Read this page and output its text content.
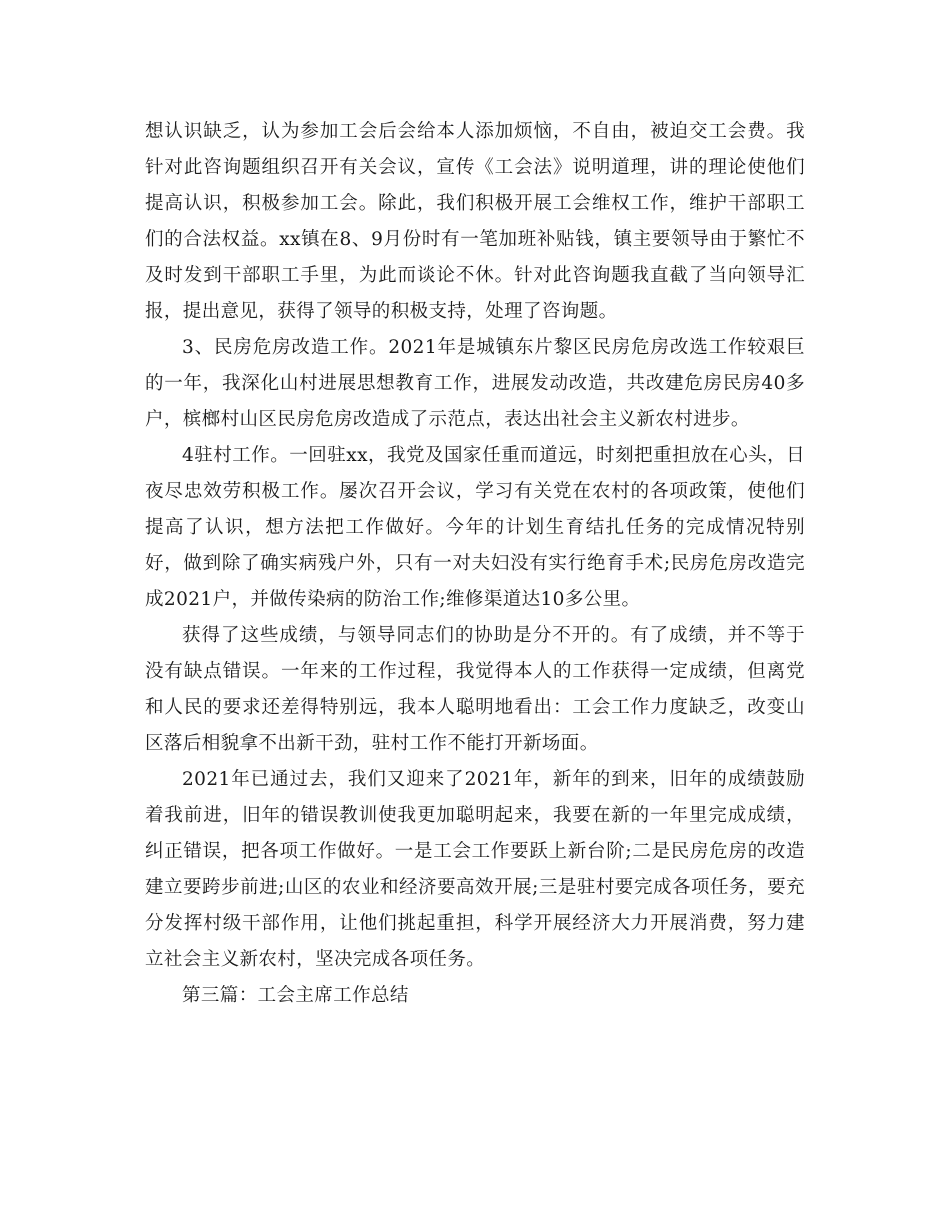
想认识缺乏，认为参加工会后会给本人添加烦恼，不自由，被迫交工会费。我针对此咨询题组织召开有关会议，宣传《工会法》说明道理，讲的理论使他们提高认识，积极参加工会。除此，我们积极开展工会维权工作，维护干部职工们的合法权益。xx镇在8、9月份时有一笔加班补贴钱，镇主要领导由于繁忙不及时发到干部职工手里，为此而谈论不休。针对此咨询题我直截了当向领导汇报，提出意见，获得了领导的积极支持，处理了咨询题。

3、民房危房改造工作。2021年是城镇东片黎区民房危房改选工作较艰巨的一年，我深化山村进展思想教育工作，进展发动改造，共改建危房民房40多户，槟榔村山区民房危房改造成了示范点，表达出社会主义新农村进步。

4驻村工作。一回驻xx，我党及国家任重而道远，时刻把重担放在心头，日夜尽忠效劳积极工作。屡次召开会议，学习有关党在农村的各项政策，使他们提高了认识，想方法把工作做好。今年的计划生育结扎任务的完成情况特别好，做到除了确实病残户外，只有一对夫妇没有实行绝育手术;民房危房改造完成2021户，并做传染病的防治工作;维修渠道达10多公里。

获得了这些成绩，与领导同志们的协助是分不开的。有了成绩，并不等于没有缺点错误。一年来的工作过程，我觉得本人的工作获得一定成绩，但离党和人民的要求还差得特别远，我本人聪明地看出：工会工作力度缺乏，改变山区落后相貌拿不出新干劲，驻村工作不能打开新场面。

2021年已通过去，我们又迎来了2021年，新年的到来，旧年的成绩鼓励着我前进，旧年的错误教训使我更加聪明起来，我要在新的一年里完成成绩，纠正错误，把各项工作做好。一是工会工作要跃上新台阶;二是民房危房的改造建立要跨步前进;山区的农业和经济要高效开展;三是驻村要完成各项任务，要充分发挥村级干部作用，让他们挑起重担，科学开展经济大力开展消费，努力建立社会主义新农村，坚决完成各项任务。

第三篇：工会主席工作总结
